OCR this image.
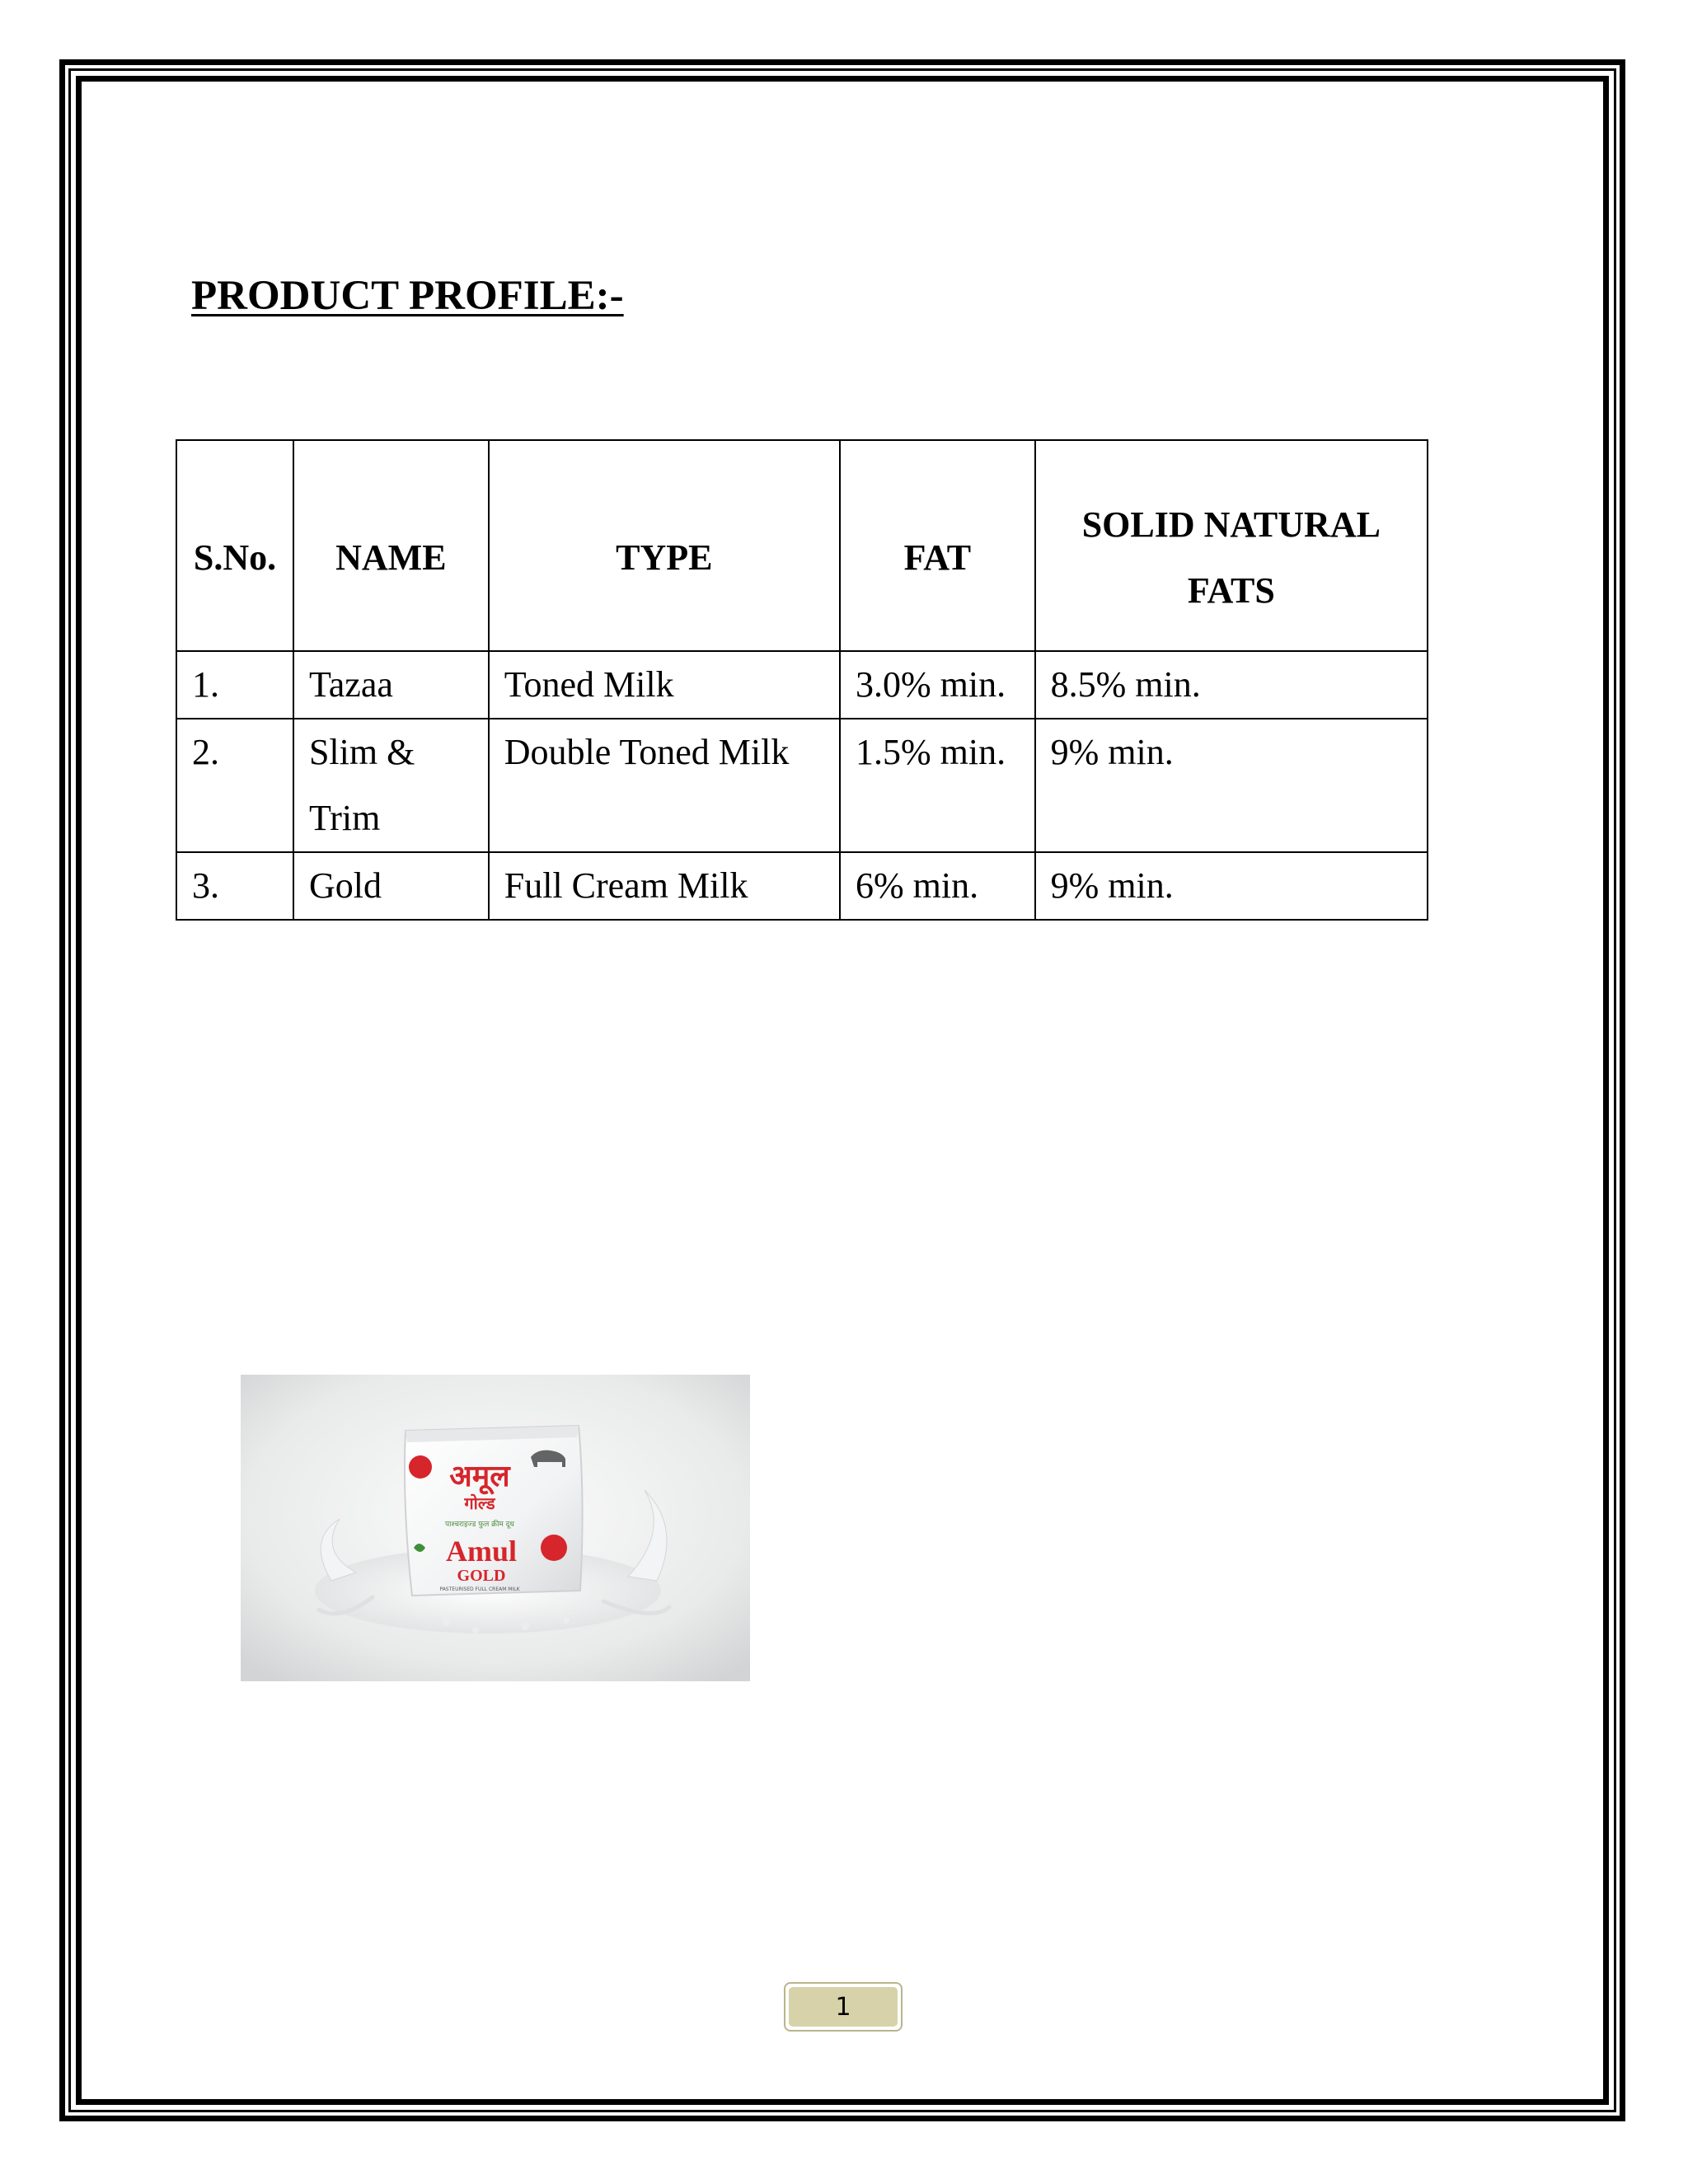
PRODUCT PROFILE:-
S.No.	NAME	TYPE	FAT	SOLID NATURAL FATS

1.	Tazaa	Toned Milk	3.0% min.	8.5% min.
2.	Slim & Trim	Double Toned Milk	1.5% min.	9% min.
3.	Gold	Full Cream Milk	6% min.	9% min.
अमूल
गोल्ड
पाश्चराइज्ड फुल क्रीम दूध
Amul
GOLD
PASTEURISED FULL CREAM MILK
1
